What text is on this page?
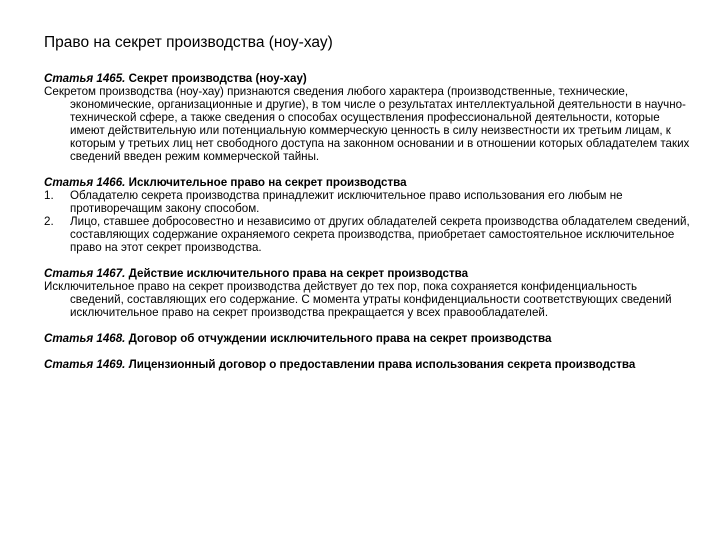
Право на секрет производства (ноу-хау)
Статья 1465. Секрет производства (ноу-хау)

Секретом производства (ноу-хау) признаются сведения любого характера (производственные, технические, экономические, организационные и другие), в том числе о результатах интеллектуальной деятельности в научно-технической сфере, а также сведения о способах осуществления профессиональной деятельности, которые имеют действительную или потенциальную коммерческую ценность в силу неизвестности их третьим лицам, к которым у третьих лиц нет свободного доступа на законном основании и в отношении которых обладателем таких сведений введен режим коммерческой тайны.

Статья 1466. Исключительное право на секрет производства
1. Обладателю секрета производства принадлежит исключительное право использования его любым не противоречащим закону способом.
2. Лицо, ставшее добросовестно и независимо от других обладателей секрета производства обладателем сведений, составляющих содержание охраняемого секрета производства, приобретает самостоятельное исключительное право на этот секрет производства.
Статья 1467. Действие исключительного права на секрет производства

Исключительное право на секрет производства действует до тех пор, пока сохраняется конфиденциальность сведений, составляющих его содержание. С момента утраты конфиденциальности соответствующих сведений исключительное право на секрет производства прекращается у всех правообладателей.

Статья 1468. Договор об отчуждении исключительного права на секрет производства
Статья 1469. Лицензионный договор о предоставлении права использования секрета производства
